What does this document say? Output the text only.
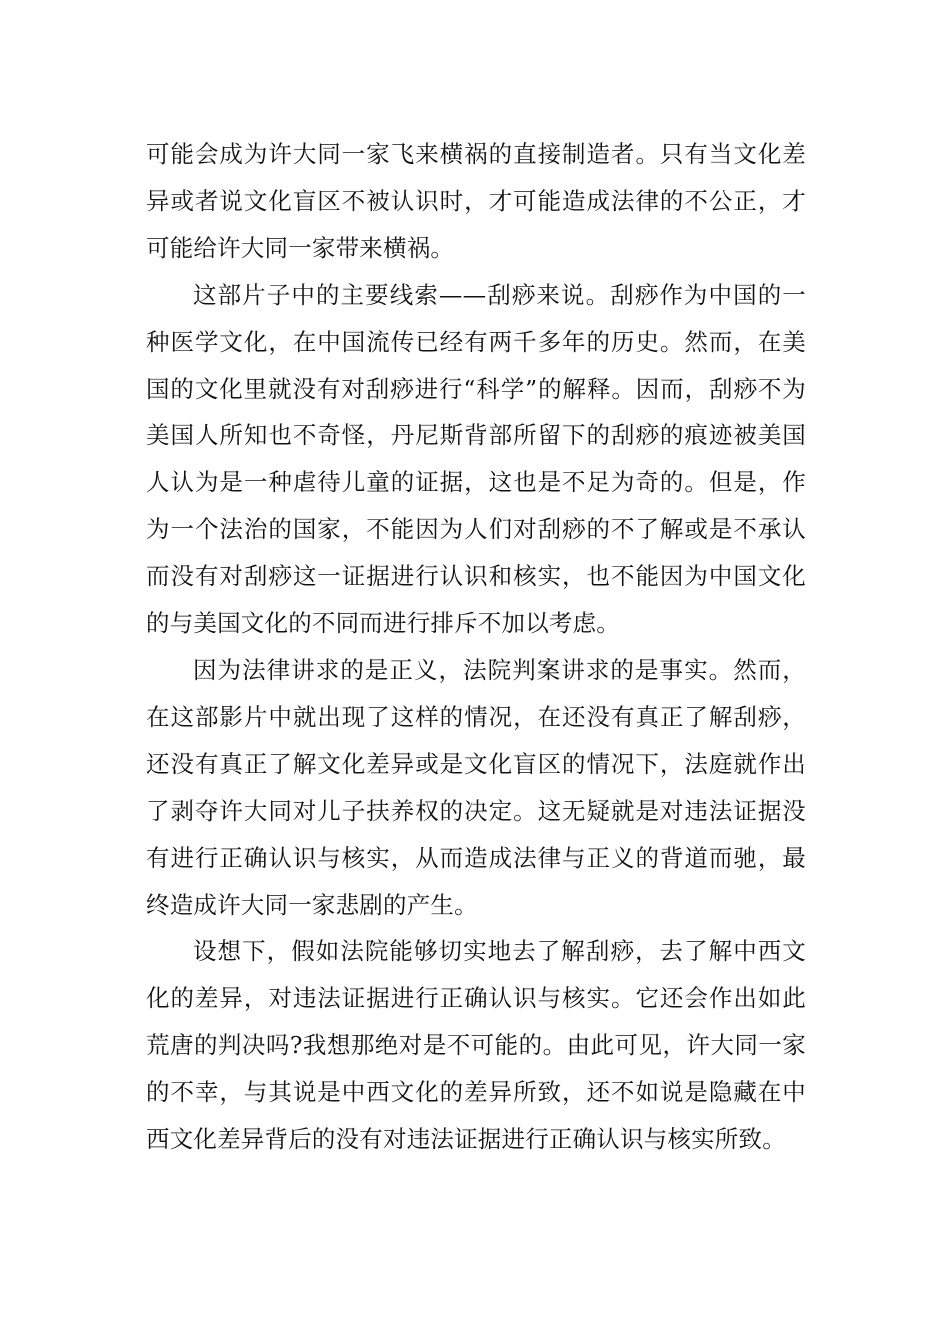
可能会成为许大同一家飞来横祸的直接制造者。只有当文化差异或者说文化盲区不被认识时，才可能造成法律的不公正，才可能给许大同一家带来横祸。

这部片子中的主要线索——刮痧来说。刮痧作为中国的一种医学文化，在中国流传已经有两千多年的历史。然而，在美国的文化里就没有对刮痧进行“科学”的解释。因而，刮痧不为美国人所知也不奇怪，丹尼斯背部所留下的刮痧的痕迹被美国人认为是一种虐待儿童的证据，这也是不足为奇的。但是，作为一个法治的国家，不能因为人们对刮痧的不了解或是不承认而没有对刮痧这一证据进行认识和核实，也不能因为中国文化的与美国文化的不同而进行排斥不加以考虑。

因为法律讲求的是正义，法院判案讲求的是事实。然而，在这部影片中就出现了这样的情况，在还没有真正了解刮痧，还没有真正了解文化差异或是文化盲区的情况下，法庭就作出了剥夺许大同对儿子扶养权的决定。这无疑就是对违法证据没有进行正确认识与核实，从而造成法律与正义的背道而驰，最终造成许大同一家悲剧的产生。

设想下，假如法院能够切实地去了解刮痧，去了解中西文化的差异，对违法证据进行正确认识与核实。它还会作出如此荒唐的判决吗?我想那绝对是不可能的。由此可见，许大同一家的不幸，与其说是中西文化的差异所致，还不如说是隐藏在中西文化差异背后的没有对违法证据进行正确认识与核实所致。
